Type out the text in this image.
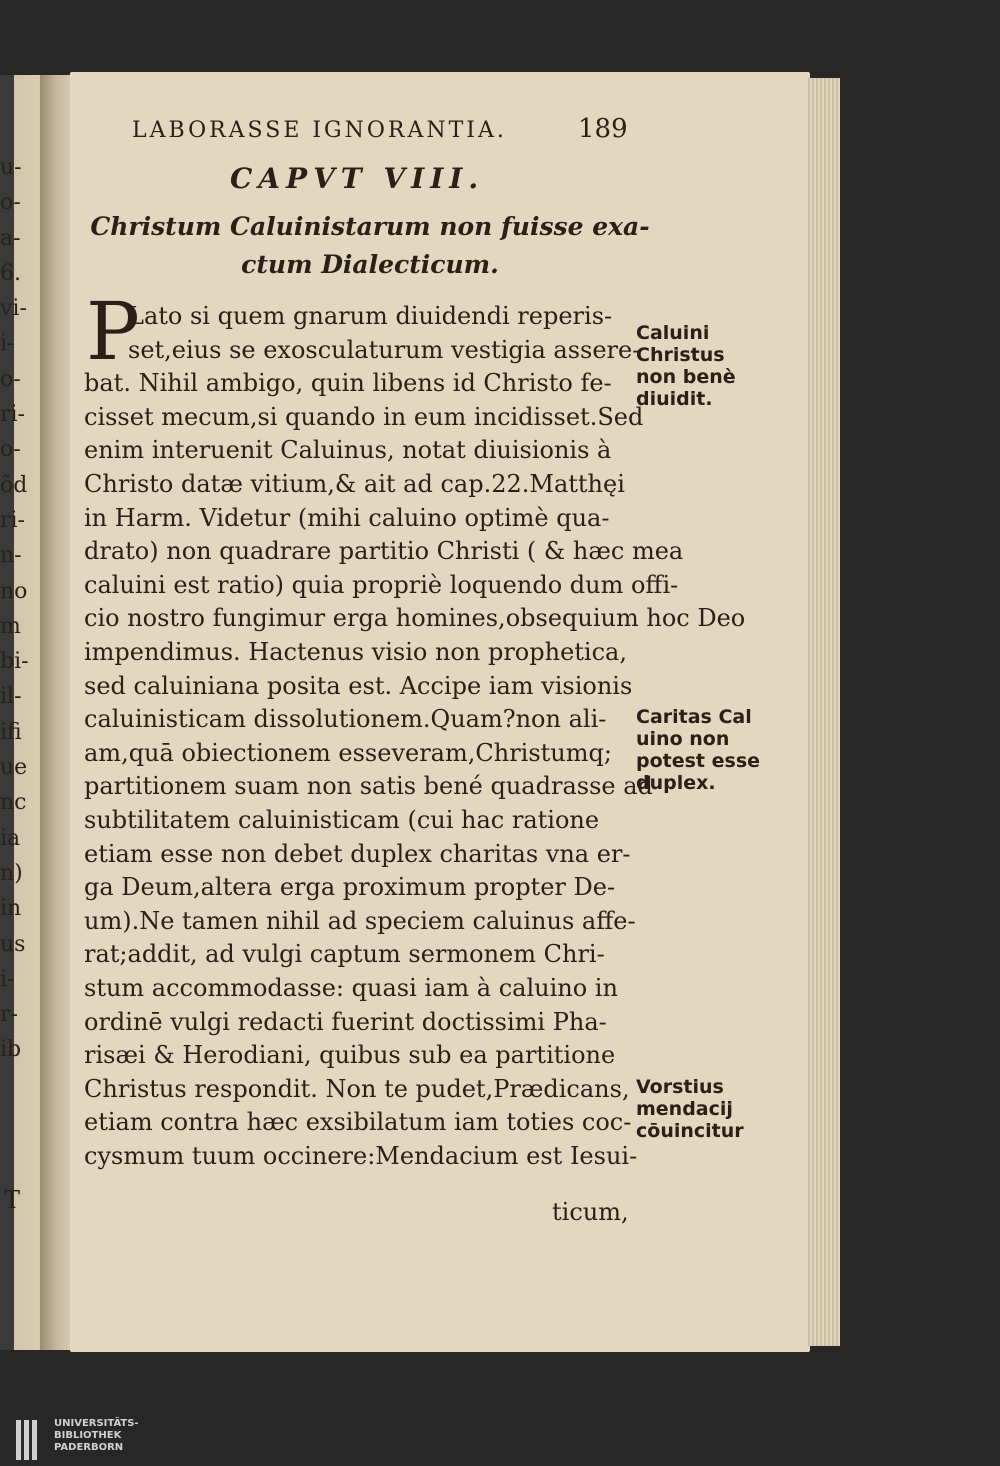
u-
o-
a-
6.
vi-
i-
o-
ri-
o-
õd
ri-
n-
no
m
bi-
il-
ifi
ue
nc
ia
n)
in
us
i-
r-
ib
T
LABORASSE IGNORANTIA.	189
CAPVT VIII.
Christum Caluinistarum non fuisse exa-
ctum Dialecticum.
P
Lato si quem gnarum diuidendi reperis-
set,eius se exosculaturum vestigia assere-
bat. Nihil ambigo, quin libens id Christo fe-
cisset mecum,si quando in eum incidisset.Sed
enim interuenit Caluinus, notat diuisionis à
Christo datæ vitium,& ait ad cap.22.Matthęi
in Harm. Videtur (mihi caluino optimè qua-
drato) non quadrare partitio Christi ( & hæc mea
caluini est ratio) quia propriè loquendo dum offi-
cio nostro fungimur erga homines,obsequium hoc Deo
impendimus. Hactenus visio non prophetica,
sed caluiniana posita est. Accipe iam visionis
caluinisticam dissolutionem.Quam?non ali-
am,quā obiectionem esseveram,Christumq;
partitionem suam non satis bené quadrasse ad
subtilitatem caluinisticam (cui hac ratione
etiam esse non debet duplex charitas vna er-
ga Deum,altera erga proximum propter De-
um).Ne tamen nihil ad speciem caluinus affe-
rat;addit, ad vulgi captum sermonem Chri-
stum accommodasse: quasi iam à caluino in
ordinē vulgi redacti fuerint doctissimi Pha-
risæi & Herodiani, quibus sub ea partitione
Christus respondit. Non te pudet,Prædicans,
etiam contra hæc exsibilatum iam toties coc-
cysmum tuum occinere:Mendacium est Iesui-
Caluini
Christus
non benè
diuidit.
Caritas Cal
uino non
potest esse
duplex.
Vorstius
mendacij
cōuincitur
ticum,
UNIVERSITÄTS-
BIBLIOTHEK
PADERBORN
